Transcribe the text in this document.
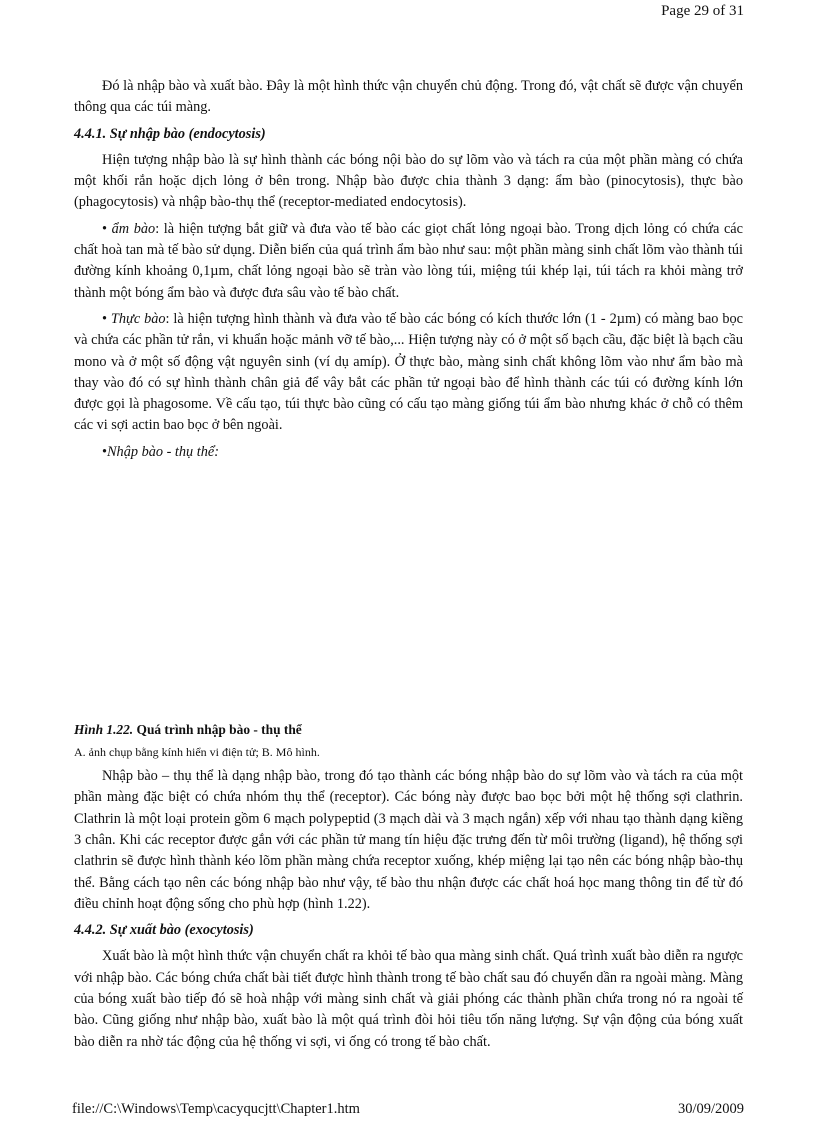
Page 29 of 31

Đó là nhập bào và xuất bào. Đây là một hình thức vận chuyển chủ động. Trong đó, vật chất sẽ được vận chuyển thông qua các túi màng.

4.4.1. Sự nhập bào (endocytosis)

Hiện tượng nhập bào là sự hình thành các bóng nội bào do sự lõm vào và tách ra của một phần màng có chứa một khối rắn hoặc dịch lỏng ở bên trong. Nhập bào được chia thành 3 dạng: ẩm bào (pinocytosis), thực bào (phagocytosis) và nhập bào-thụ thể (receptor-mediated endocytosis).

• ẩm bào: là hiện tượng bắt giữ và đưa vào tế bào các giọt chất lỏng ngoại bào. Trong dịch lỏng có chứa các chất hoà tan mà tế bào sử dụng. Diễn biến của quá trình ẩm bào như sau: một phần màng sinh chất lõm vào thành túi đường kính khoảng 0,1µm, chất lỏng ngoại bào sẽ tràn vào lòng túi, miệng túi khép lại, túi tách ra khỏi màng trở thành một bóng ẩm bào và được đưa sâu vào tế bào chất.

• Thực bào: là hiện tượng hình thành và đưa vào tế bào các bóng có kích thước lớn (1 - 2µm) có màng bao bọc và chứa các phần tử rắn, vi khuẩn hoặc mảnh vỡ tế bào,... Hiện tượng này có ở một số bạch cầu, đặc biệt là bạch cầu mono và ở một số động vật nguyên sinh (ví dụ amíp). Ở thực bào, màng sinh chất không lõm vào như ẩm bào mà thay vào đó có sự hình thành chân giả để vây bắt các phần tử ngoại bào để hình thành các túi có đường kính lớn được gọi là phagosome. Về cấu tạo, túi thực bào cũng có cấu tạo màng giống túi ẩm bào nhưng khác ở chỗ có thêm các vi sợi actin bao bọc ở bên ngoài.

•Nhập bào - thụ thể:

Hình 1.22. Quá trình nhập bào - thụ thể

A. ảnh chụp bằng kính hiển vi điện tử; B. Mô hình.

Nhập bào – thụ thể là dạng nhập bào, trong đó tạo thành các bóng nhập bào do sự lõm vào và tách ra của một phần màng đặc biệt có chứa nhóm thụ thể (receptor). Các bóng này được bao bọc bởi một hệ thống sợi clathrin. Clathrin là một loại protein gồm 6 mạch polypeptid (3 mạch dài và 3 mạch ngắn) xếp với nhau tạo thành dạng kiềng 3 chân. Khi các receptor được gắn với các phần tử mang tín hiệu đặc trưng đến từ môi trường (ligand), hệ thống sợi clathrin sẽ được hình thành kéo lõm phần màng chứa receptor xuống, khép miệng lại tạo nên các bóng nhập bào-thụ thể. Bằng cách tạo nên các bóng nhập bào như vậy, tế bào thu nhận được các chất hoá học mang thông tin để từ đó điều chỉnh hoạt động sống cho phù hợp (hình 1.22).

4.4.2. Sự xuất bào (exocytosis)

Xuất bào là một hình thức vận chuyển chất ra khỏi tế bào qua màng sinh chất. Quá trình xuất bào diễn ra ngược với nhập bào. Các bóng chứa chất bài tiết được hình thành trong tế bào chất sau đó chuyển dần ra ngoài màng. Màng của bóng xuất bào tiếp đó sẽ hoà nhập với màng sinh chất và giải phóng các thành phần chứa trong nó ra ngoài tế bào. Cũng giống như nhập bào, xuất bào là một quá trình đòi hỏi tiêu tốn năng lượng. Sự vận động của bóng xuất bào diễn ra nhờ tác động của hệ thống vi sợi, vi ống có trong tế bào chất.

file://C:\Windows\Temp\cacyqucjtt\Chapter1.htm	30/09/2009
